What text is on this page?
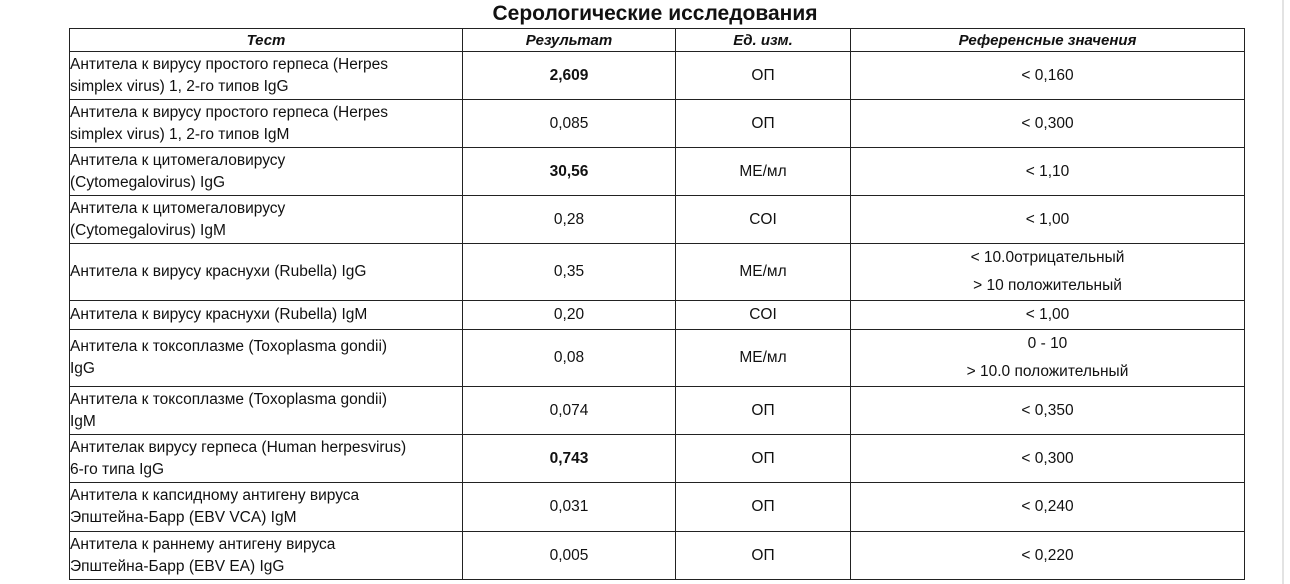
Серологические исследования
Тест	Результат	Ед. изм.	Референсные значения
Антитела к вирусу простого герпеса (Herpes
simplex virus) 1, 2-го типов IgG	2,609	ОП	< 0,160

Антитела к вирусу простого герпеса (Herpes
simplex virus) 1, 2-го типов IgM	0,085	ОП	< 0,300

Антитела к цитомегаловирусу
(Cytomegalovirus) IgG	30,56	МЕ/мл	< 1,10

Антитела к цитомегаловирусу
(Cytomegalovirus) IgM	0,28	COI	< 1,00

Антитела к вирусу краснухи (Rubella) IgG	0,35	МЕ/мл	< 10.0отрицательный
> 10 положительный

Антитела к вирусу краснухи (Rubella) IgM	0,20	COI	< 1,00

Антитела к токсоплазме (Toxoplasma gondii)
IgG	0,08	МЕ/мл	0 - 10
> 10.0 положительный

Антитела к токсоплазме (Toxoplasma gondii)
IgM	0,074	ОП	< 0,350

Антителак вирусу герпеса (Human herpesvirus)
6-го типа IgG	0,743	ОП	< 0,300

Антитела к капсидному антигену вируса
Эпштейна-Барр (EBV VCA) IgM	0,031	ОП	< 0,240

Антитела к раннему антигену вируса
Эпштейна-Барр (EBV EA) IgG	0,005	ОП	< 0,220
